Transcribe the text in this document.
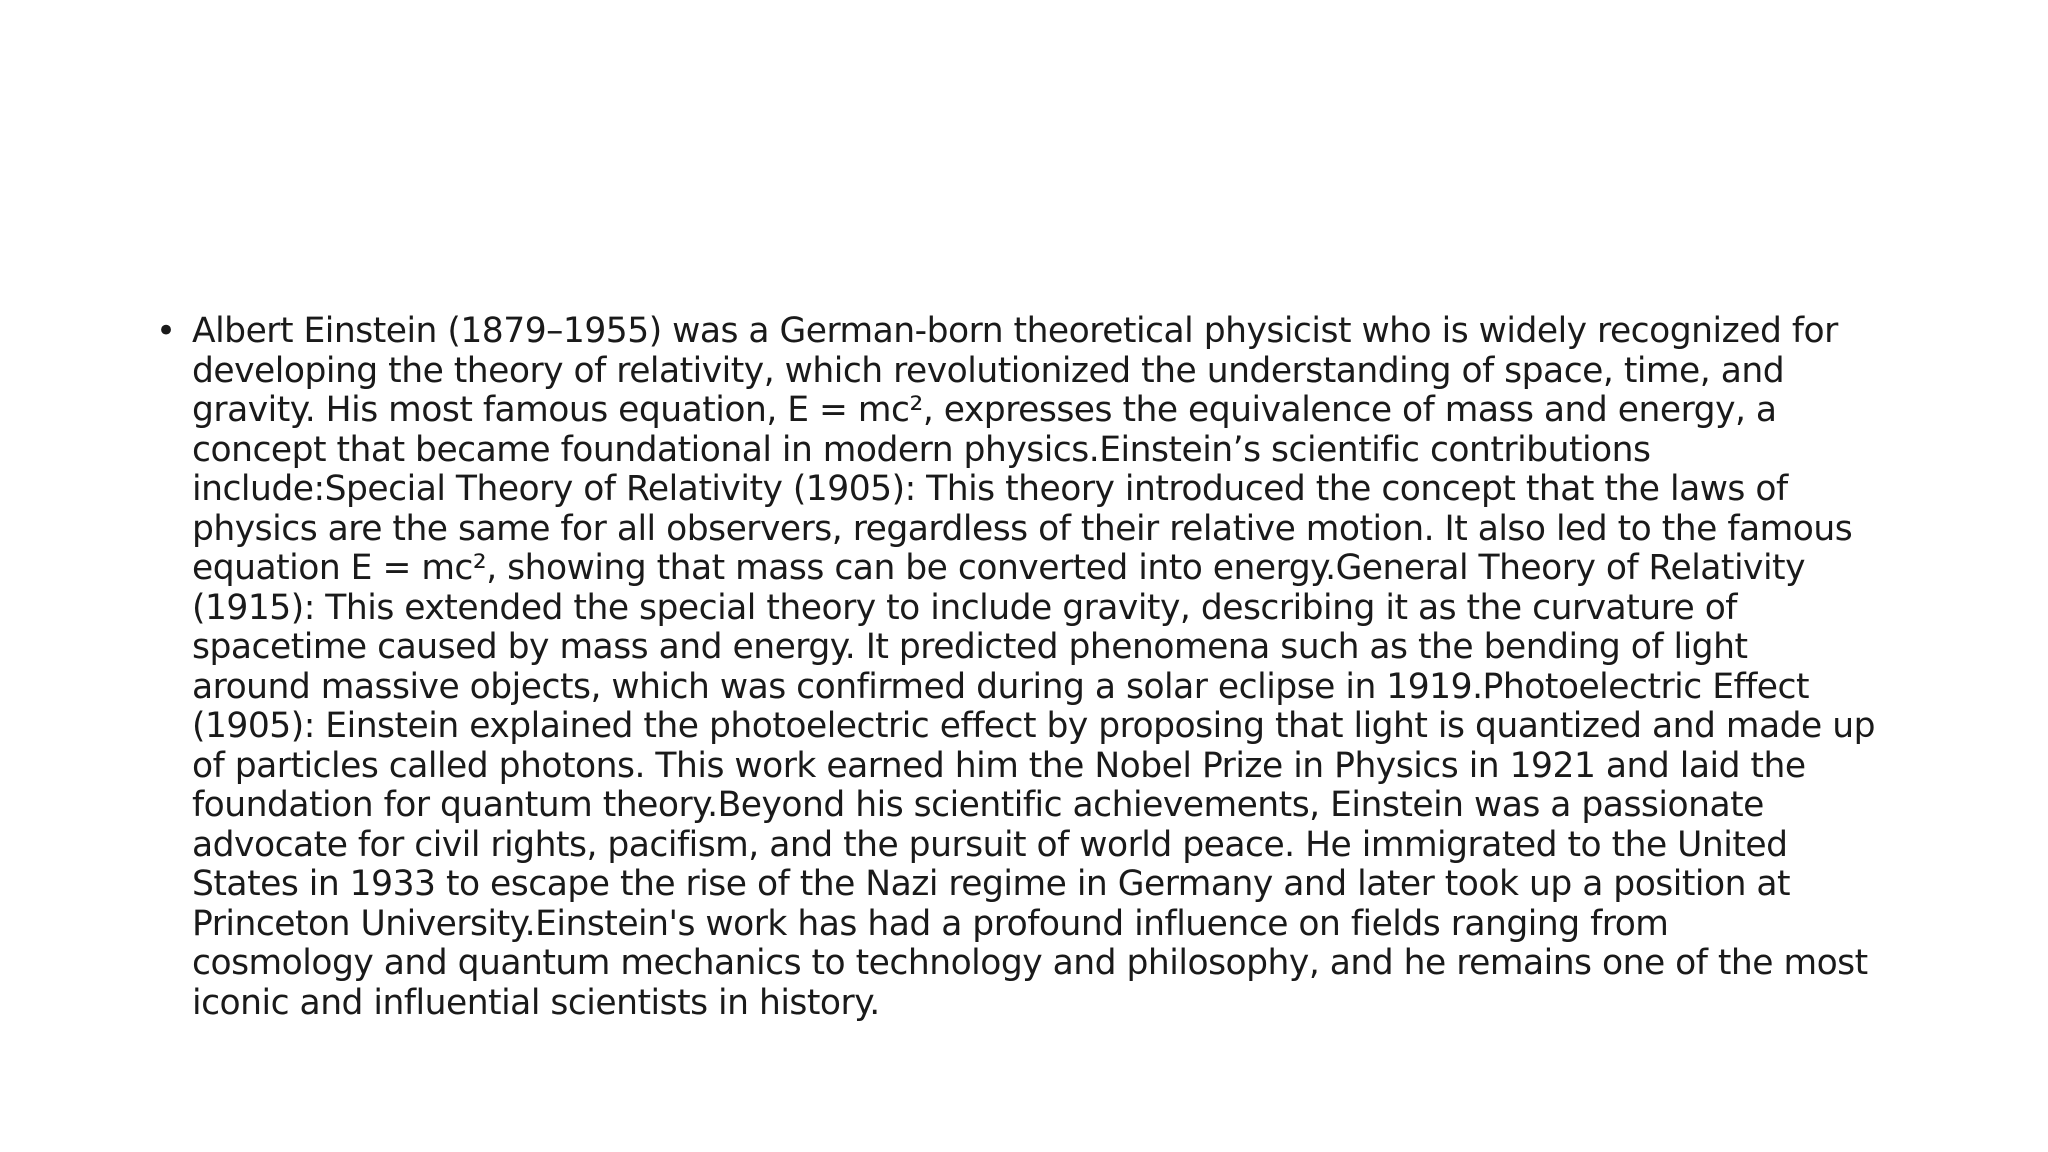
• Albert Einstein (1879–1955) was a German-born theoretical physicist who is widely recognized for
developing the theory of relativity, which revolutionized the understanding of space, time, and
gravity. His most famous equation, E = mc², expresses the equivalence of mass and energy, a
concept that became foundational in modern physics.Einstein’s scientific contributions
include:Special Theory of Relativity (1905): This theory introduced the concept that the laws of
physics are the same for all observers, regardless of their relative motion. It also led to the famous
equation E = mc², showing that mass can be converted into energy.General Theory of Relativity
(1915): This extended the special theory to include gravity, describing it as the curvature of
spacetime caused by mass and energy. It predicted phenomena such as the bending of light
around massive objects, which was confirmed during a solar eclipse in 1919.Photoelectric Effect
(1905): Einstein explained the photoelectric effect by proposing that light is quantized and made up
of particles called photons. This work earned him the Nobel Prize in Physics in 1921 and laid the
foundation for quantum theory.Beyond his scientific achievements, Einstein was a passionate
advocate for civil rights, pacifism, and the pursuit of world peace. He immigrated to the United
States in 1933 to escape the rise of the Nazi regime in Germany and later took up a position at
Princeton University.Einstein's work has had a profound influence on fields ranging from
cosmology and quantum mechanics to technology and philosophy, and he remains one of the most
iconic and influential scientists in history.
